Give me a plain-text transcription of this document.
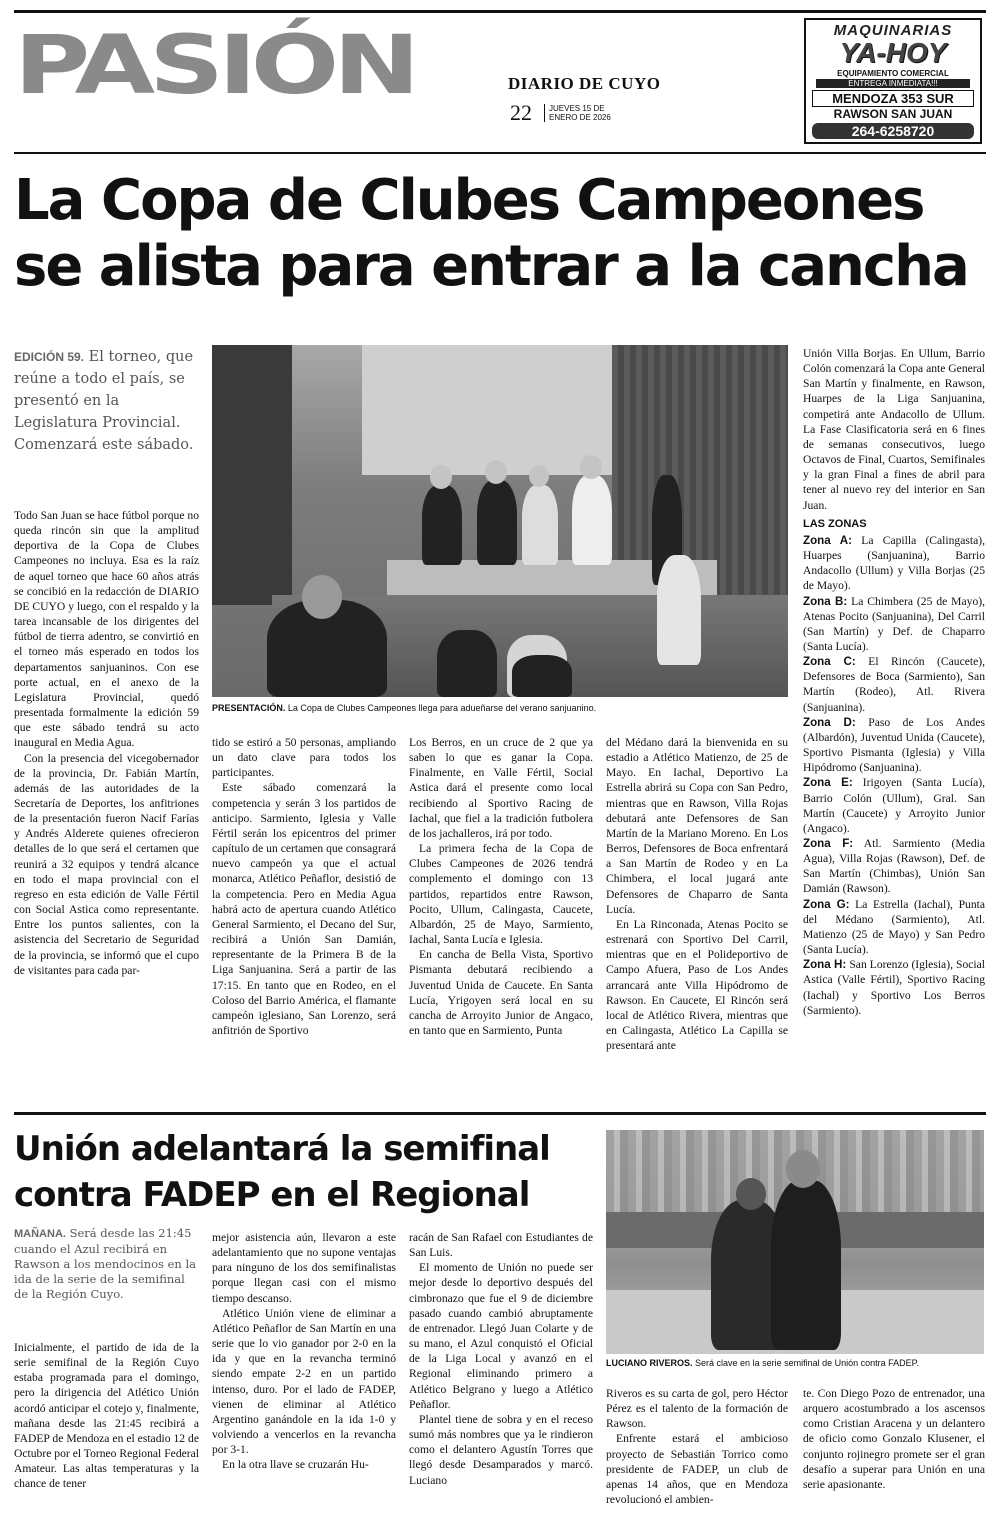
PASIÓN	DIARIO DE CUYO
22	JUEVES 15 DE ENERO DE 2026
MAQUINARIAS
YA-HOY
EQUIPAMIENTO COMERCIAL
ENTREGA INMEDIATA!!!
MENDOZA 353 SUR
RAWSON SAN JUAN
264-6258720
La Copa de Clubes Campeones
se alista para entrar a la cancha
EDICIÓN 59. El torneo, que reúne a todo el país, se presentó en la Legislatura Provincial. Comenzará este sábado.

Todo San Juan se hace fútbol porque no queda rincón sin que la amplitud deportiva de la Copa de Clubes Campeones no incluya. Esa es la raíz de aquel torneo que hace 60 años atrás se concibió en la redacción de DIARIO DE CUYO y luego, con el respaldo y la tarea incansable de los dirigentes del fútbol de tierra adentro, se convirtió en el torneo más esperado en todos los departamentos sanjuaninos. Con ese porte actual, en el anexo de la Legislatura Provincial, quedó presentada formalmente la edición 59 que este sábado tendrá su acto inaugural en Media Agua.

Con la presencia del vicegobernador de la provincia, Dr. Fabián Martín, además de las autoridades de la Secretaría de Deportes, los anfitriones de la presentación fueron Nacif Farías y Andrés Alderete quienes ofrecieron detalles de lo que será el certamen que reunirá a 32 equipos y tendrá alcance en todo el mapa provincial con el regreso en esta edición de Valle Fértil con Social Astica como representante. Entre los puntos salientes, con la asistencia del Secretario de Seguridad de la provincia, se informó que el cupo de visitantes para cada par-

PRESENTACIÓN. La Copa de Clubes Campeones llega para adueñarse del verano sanjuanino.

tido se estiró a 50 personas, ampliando un dato clave para todos los participantes.

Este sábado comenzará la competencia y serán 3 los partidos de anticipo. Sarmiento, Iglesia y Valle Fértil serán los epicentros del primer capítulo de un certamen que consagrará nuevo campeón ya que el actual monarca, Atlético Peñaflor, desistió de la competencia. Pero en Media Agua habrá acto de apertura cuando Atlético General Sarmiento, el Decano del Sur, recibirá a Unión San Damián, representante de la Primera B de la Liga Sanjuanina. Será a partir de las 17:15. En tanto que en Rodeo, en el Coloso del Barrio América, el flamante campeón iglesiano, San Lorenzo, será anfitrión de Sportivo

Los Berros, en un cruce de 2 que ya saben lo que es ganar la Copa. Finalmente, en Valle Fértil, Social Astica dará el presente como local recibiendo al Sportivo Racing de Iachal, que fiel a la tradición futbolera de los jachalleros, irá por todo.

La primera fecha de la Copa de Clubes Campeones de 2026 tendrá complemento el domingo con 13 partidos, repartidos entre Rawson, Pocito, Ullum, Calingasta, Caucete, Albardón, 25 de Mayo, Sarmiento, Iachal, Santa Lucía e Iglesia.

En cancha de Bella Vista, Sportivo Pismanta debutará recibiendo a Juventud Unida de Caucete. En Santa Lucía, Yrigoyen será local en su cancha de Arroyito Junior de Angaco, en tanto que en Sarmiento, Punta

del Médano dará la bienvenida en su estadio a Atlético Matienzo, de 25 de Mayo. En Iachal, Deportivo La Estrella abrirá su Copa con San Pedro, mientras que en Rawson, Villa Rojas debutará ante Defensores de San Martín de la Mariano Moreno. En Los Berros, Defensores de Boca enfrentará a San Martín de Rodeo y en La Chimbera, el local jugará ante Defensores de Chaparro de Santa Lucía.

En La Rinconada, Atenas Pocito se estrenará con Sportivo Del Carril, mientras que en el Polideportivo de Campo Afuera, Paso de Los Andes arrancará ante Villa Hipódromo de Rawson. En Caucete, El Rincón será local de Atlético Rivera, mientras que en Calingasta, Atlético La Capilla se presentará ante

Unión Villa Borjas. En Ullum, Barrio Colón comenzará la Copa ante General San Martín y finalmente, en Rawson, Huarpes de la Liga Sanjuanina, competirá ante Andacollo de Ullum. La Fase Clasificatoria será en 6 fines de semanas consecutivos, luego Octavos de Final, Cuartos, Semifinales y la gran Final a fines de abril para tener al nuevo rey del interior en San Juan.

LAS ZONAS
Zona A: La Capilla (Calingasta), Huarpes (Sanjuanina), Barrio Andacollo (Ullum) y Villa Borjas (25 de Mayo).
Zona B: La Chimbera (25 de Mayo), Atenas Pocito (Sanjuanina), Del Carril (San Martín) y Def. de Chaparro (Santa Lucía).
Zona C: El Rincón (Caucete), Defensores de Boca (Sarmiento), San Martín (Rodeo), Atl. Rivera (Sanjuanina).
Zona D: Paso de Los Andes (Albardón), Juventud Unida (Caucete), Sportivo Pismanta (Iglesia) y Villa Hipódromo (Sanjuanina).
Zona E: Irigoyen (Santa Lucía), Barrio Colón (Ullum), Gral. San Martín (Caucete) y Arroyito Junior (Angaco).
Zona F: Atl. Sarmiento (Media Agua), Villa Rojas (Rawson), Def. de San Martín (Chimbas), Unión San Damián (Rawson).
Zona G: La Estrella (Iachal), Punta del Médano (Sarmiento), Atl. Matienzo (25 de Mayo) y San Pedro (Santa Lucía).
Zona H: San Lorenzo (Iglesia), Social Astica (Valle Fértil), Sportivo Racing (Iachal) y Sportivo Los Berros (Sarmiento).
Unión adelantará la semifinal
contra FADEP en el Regional
MAÑANA. Será desde las 21:45 cuando el Azul recibirá en Rawson a los mendocinos en la ida de la serie de la semifinal de la Región Cuyo.

Inicialmente, el partido de ida de la serie semifinal de la Región Cuyo estaba programada para el domingo, pero la dirigencia del Atlético Unión acordó anticipar el cotejo y, finalmente, mañana desde las 21:45 recibirá a FADEP de Mendoza en el estadio 12 de Octubre por el Torneo Regional Federal Amateur. Las altas temperaturas y la chance de tener

mejor asistencia aún, llevaron a este adelantamiento que no supone ventajas para ninguno de los dos semifinalistas porque llegan casi con el mismo tiempo descanso.

Atlético Unión viene de eliminar a Atlético Peñaflor de San Martín en una serie que lo vio ganador por 2-0 en la ida y que en la revancha terminó siendo empate 2-2 en un partido intenso, duro. Por el lado de FADEP, vienen de eliminar al Atlético Argentino ganándole en la ida 1-0 y volviendo a vencerlos en la revancha por 3-1.

En la otra llave se cruzarán Hu-

racán de San Rafael con Estudiantes de San Luis.

El momento de Unión no puede ser mejor desde lo deportivo después del cimbronazo que fue el 9 de diciembre pasado cuando cambió abruptamente de entrenador. Llegó Juan Colarte y de su mano, el Azul conquistó el Oficial de la Liga Local y avanzó en el Regional eliminando primero a Atlético Belgrano y luego a Atlético Peñaflor.

Plantel tiene de sobra y en el receso sumó más nombres que ya le rindieron como el delantero Agustín Torres que llegó desde Desamparados y marcó. Luciano

LUCIANO RIVEROS. Será clave en la serie semifinal de Unión contra FADEP.

Riveros es su carta de gol, pero Héctor Pérez es el talento de la formación de Rawson.

Enfrente estará el ambicioso proyecto de Sebastián Torrico como presidente de FADEP, un club de apenas 14 años, que en Mendoza revolucionó el ambien-

te. Con Diego Pozo de entrenador, una arquero acostumbrado a los ascensos como Cristian Aracena y un delantero de oficio como Gonzalo Klusener, el conjunto rojinegro promete ser el gran desafío a superar para Unión en una serie apasionante.
